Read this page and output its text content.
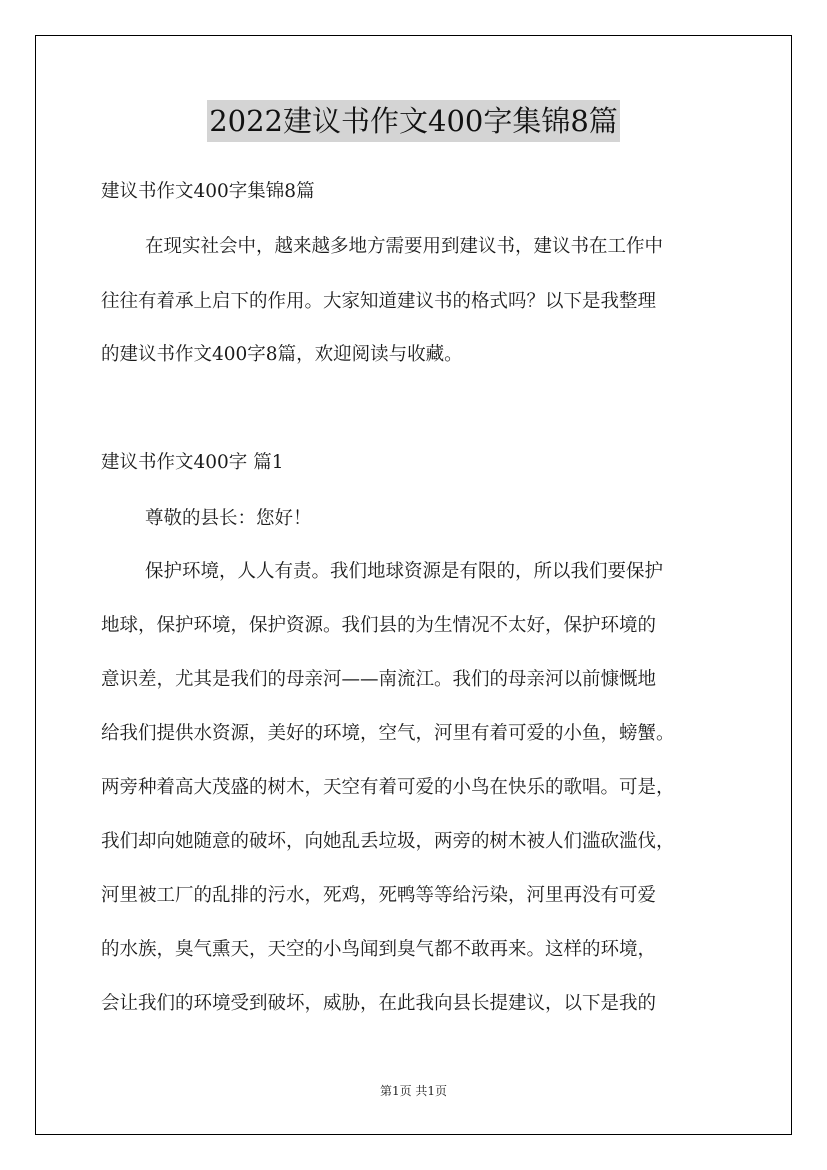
2022建议书作文400字集锦8篇
建议书作文400字集锦8篇
在现实社会中，越来越多地方需要用到建议书，建议书在工作中
往往有着承上启下的作用。大家知道建议书的格式吗？以下是我整理
的建议书作文400字8篇，欢迎阅读与收藏。
建议书作文400字 篇1
尊敬的县长：您好！
保护环境，人人有责。我们地球资源是有限的，所以我们要保护
地球，保护环境，保护资源。我们县的为生情况不太好，保护环境的
意识差，尤其是我们的母亲河——南流江。我们的母亲河以前慷慨地
给我们提供水资源，美好的环境，空气，河里有着可爱的小鱼，螃蟹。
两旁种着高大茂盛的树木，天空有着可爱的小鸟在快乐的歌唱。可是，
我们却向她随意的破坏，向她乱丢垃圾，两旁的树木被人们滥砍滥伐，
河里被工厂的乱排的污水，死鸡，死鸭等等给污染，河里再没有可爱
的水族，臭气熏天，天空的小鸟闻到臭气都不敢再来。这样的环境，
会让我们的环境受到破坏，威胁，在此我向县长提建议，以下是我的
第1页 共1页
